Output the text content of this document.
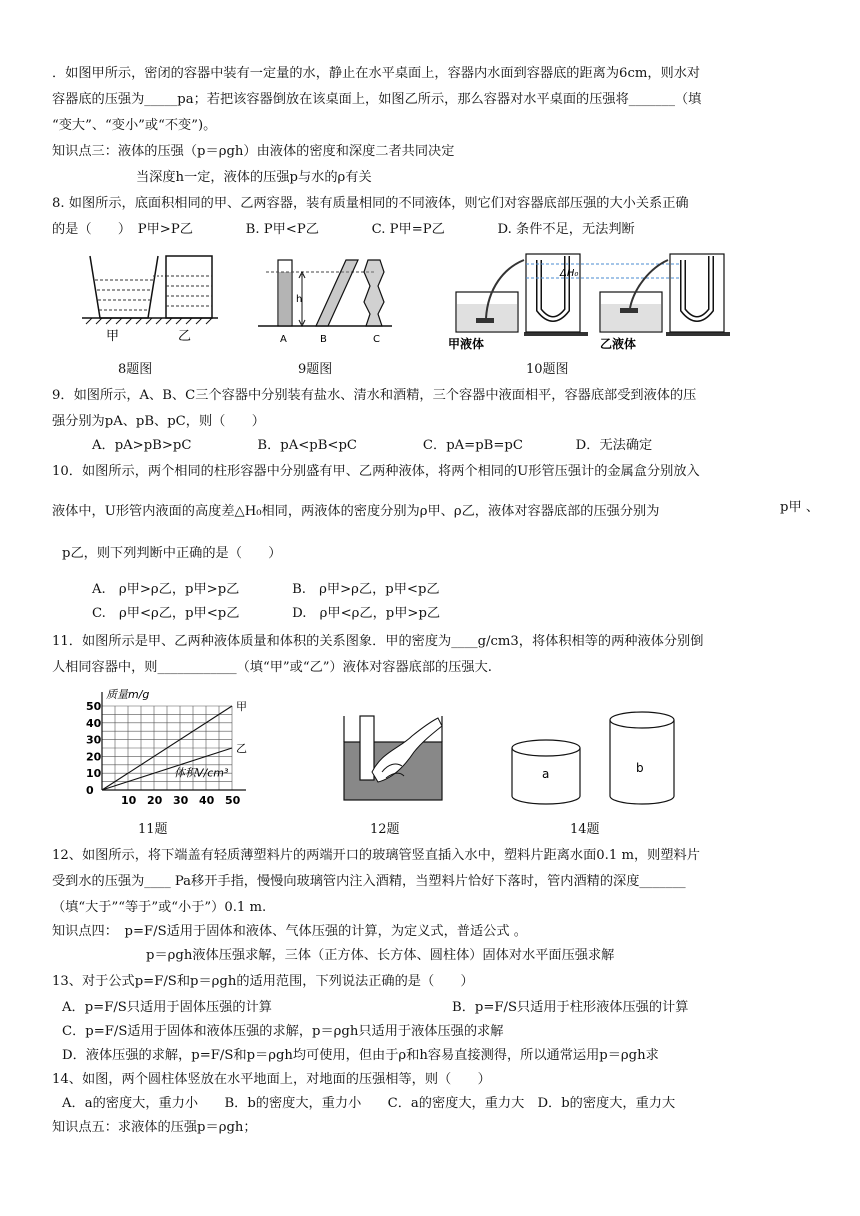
．如图甲所示，密闭的容器中装有一定量的水，静止在水平桌面上，容器内水面到容器底的距离为6cm，则水对
容器底的压强为_____pa；若把该容器倒放在该桌面上，如图乙所示，那么容器对水平桌面的压强将_______（填
“变大”、“变小”或“不变”)。
知识点三：液体的压强（p＝ρgh）由液体的密度和深度二者共同决定
当深度h一定，液体的压强p与水的ρ有关
8. 如图所示，底面积相同的甲、乙两容器，装有质量相同的不同液体，则它们对容器底部压强的大小关系正确
的是（　　）　P甲>P乙　　　　B. P甲<P乙　　　　C. P甲=P乙　　　　D. 条件不足，无法判断
甲	乙
8题图
h
A	B	C
9题图
ΔH₀
甲液体	乙液体
10题图
9．如图所示，A、B、C三个容器中分别装有盐水、清水和酒精，三个容器中液面相平，容器底部受到液体的压
强分别为pA、pB、pC，则（　　）
A．pA>pB>pC　　　　　B．pA<pB<pC　　　　　C．pA=pB=pC　　　　D．无法确定
10．如图所示，两个相同的柱形容器中分别盛有甲、乙两种液体，将两个相同的U形管压强计的金属盒分别放入
液体中，U形管内液面的高度差△H₀相同，两液体的密度分别为ρ甲、ρ乙，液体对容器底部的压强分别为	p甲 、
p乙，则下列判断中正确的是（　　）
A.　ρ甲>ρ乙，p甲>p乙　　　　B.　ρ甲>ρ乙，p甲<p乙
C.　ρ甲<ρ乙，p甲<p乙　　　　D.　ρ甲<ρ乙，p甲>p乙
11．如图所示是甲、乙两种液体质量和体积的关系图象．甲的密度为____g/cm3，将体积相等的两种液体分别倒
人相同容器中，则____________（填“甲”或“乙”）液体对容器底部的压强大.
0
10
20
30
40
50
10 20 30 40 50
甲
乙
质量m/g
体积V/cm³
11题	12题
a	b
14题
12、如图所示，将下端盖有轻质薄塑料片的两端开口的玻璃管竖直插入水中，塑料片距离水面0.1 m，则塑料片
受到水的压强为____ Pa移开手指，慢慢向玻璃管内注入酒精，当塑料片恰好下落时，管内酒精的深度_______
（填“大于”“等于”或“小于”）0.1 m.
知识点四：　p=F/S适用于固体和液体、气体压强的计算，为定义式，普适公式 。
p＝ρgh液体压强求解，三体（正方体、长方体、圆柱体）固体对水平面压强求解
13、对于公式p=F/S和p＝ρgh的适用范围，下列说法正确的是（　　）
A．p=F/S只适用于固体压强的计算	B．p=F/S只适用于柱形液体压强的计算
C．p=F/S适用于固体和液体压强的求解，p＝ρgh只适用于液体压强的求解
D．液体压强的求解，p=F/S和p＝ρgh均可使用，但由于ρ和h容易直接测得，所以通常运用p＝ρgh求
14、如图，两个圆柱体竖放在水平地面上，对地面的压强相等，则（　　）
A．a的密度大，重力小　　B．b的密度大，重力小　　C．a的密度大，重力大　D．b的密度大，重力大
知识点五：求液体的压强p＝ρgh；
